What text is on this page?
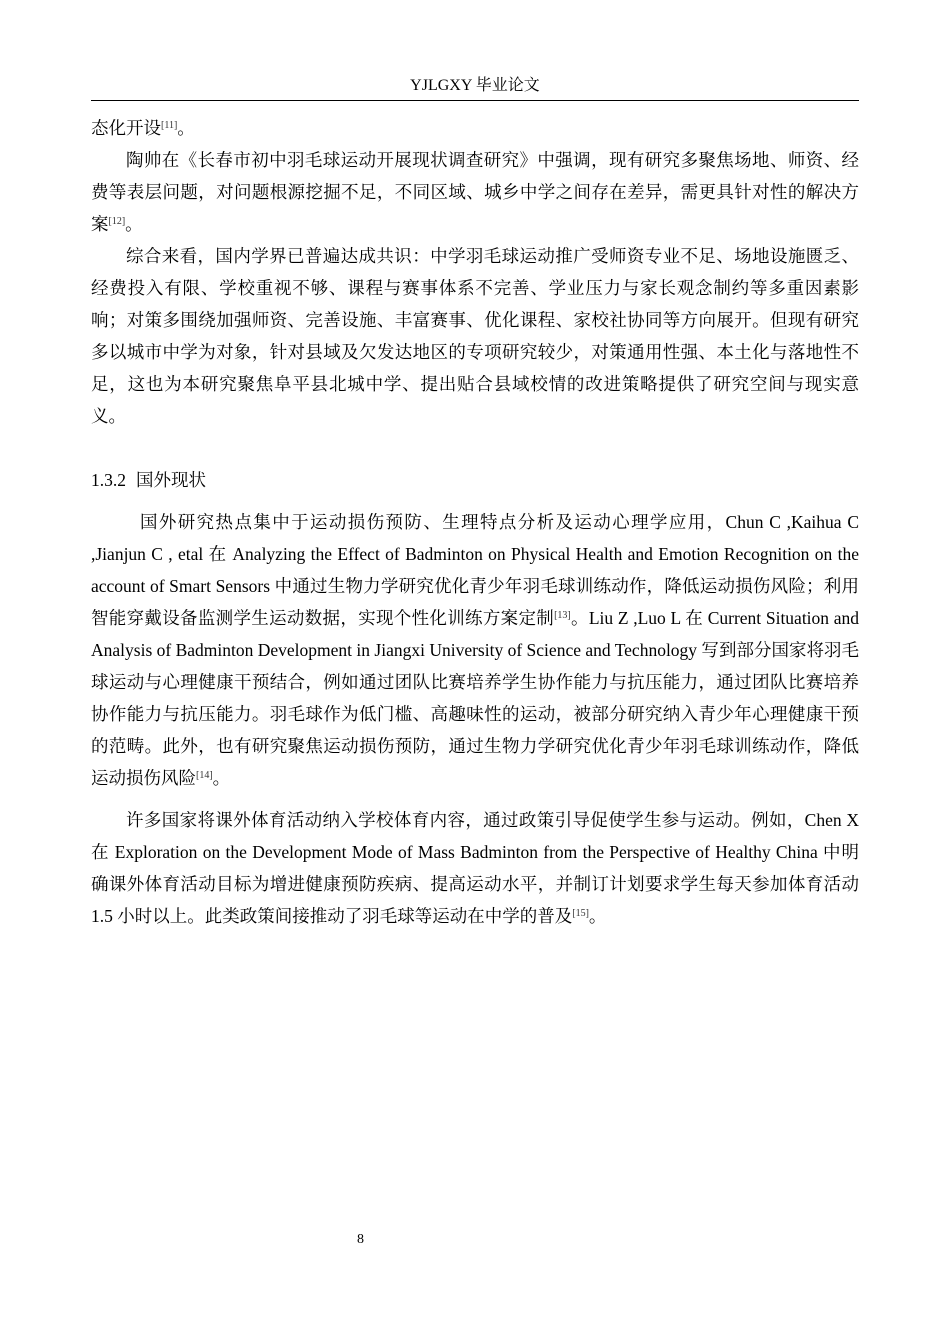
YJLGXY 毕业论文

态化开设[11]。

陶帅在《长春市初中羽毛球运动开展现状调查研究》中强调，现有研究多聚焦场地、师资、经费等表层问题，对问题根源挖掘不足，不同区域、城乡中学之间存在差异，需更具针对性的解决方案[12]。

综合来看，国内学界已普遍达成共识：中学羽毛球运动推广受师资专业不足、场地设施匮乏、经费投入有限、学校重视不够、课程与赛事体系不完善、学业压力与家长观念制约等多重因素影响；对策多围绕加强师资、完善设施、丰富赛事、优化课程、家校社协同等方向展开。但现有研究多以城市中学为对象，针对县域及欠发达地区的专项研究较少，对策通用性强、本土化与落地性不足，这也为本研究聚焦阜平县北城中学、提出贴合县域校情的改进策略提供了研究空间与现实意义。

1.3.2 国外现状

国外研究热点集中于运动损伤预防、生理特点分析及运动心理学应用，Chun C ,Kaihua C ,Jianjun C , etal 在 Analyzing the Effect of Badminton on Physical Health and Emotion Recognition on the account of Smart Sensors 中通过生物力学研究优化青少年羽毛球训练动作，降低运动损伤风险；利用智能穿戴设备监测学生运动数据，实现个性化训练方案定制[13]。Liu Z ,Luo L 在 Current Situation and Analysis of Badminton Development in Jiangxi University of Science and Technology 写到部分国家将羽毛球运动与心理健康干预结合，例如通过团队比赛培养学生协作能力与抗压能力，通过团队比赛培养协作能力与抗压能力。羽毛球作为低门槛、高趣味性的运动，被部分研究纳入青少年心理健康干预的范畴。此外，也有研究聚焦运动损伤预防，通过生物力学研究优化青少年羽毛球训练动作，降低运动损伤风险[14]。

许多国家将课外体育活动纳入学校体育内容，通过政策引导促使学生参与运动。例如，Chen X 在 Exploration on the Development Mode of Mass Badminton from the Perspective of Healthy China 中明确课外体育活动目标为增进健康预防疾病、提高运动水平，并制订计划要求学生每天参加体育活动 1.5 小时以上。此类政策间接推动了羽毛球等运动在中学的普及[15]。

8
